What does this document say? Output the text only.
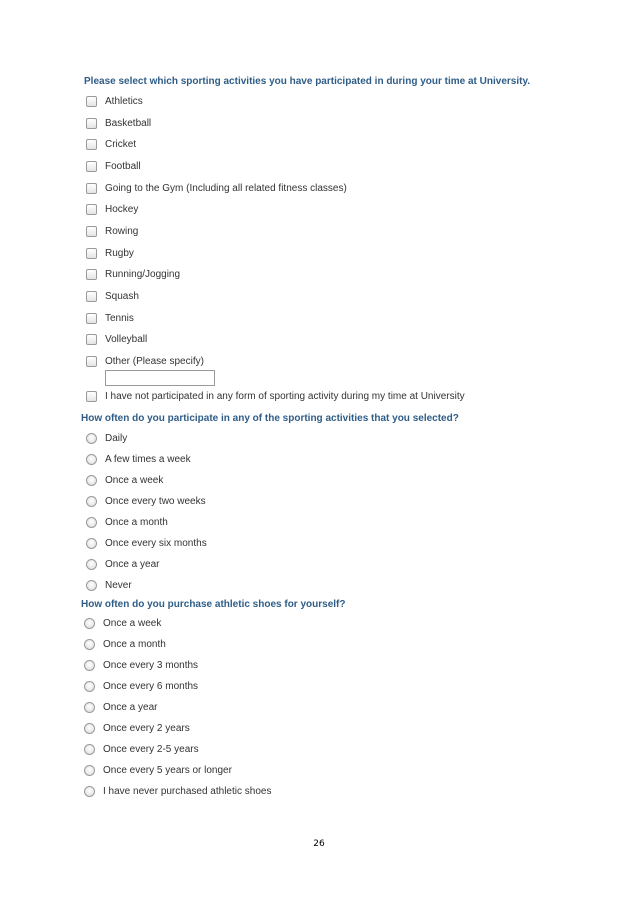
Please select which sporting activities you have participated in during your time at University.
Athletics
Basketball
Cricket
Football
Going to the Gym (Including all related fitness classes)
Hockey
Rowing
Rugby
Running/Jogging
Squash
Tennis
Volleyball
Other (Please specify)
I have not participated in any form of sporting activity during my time at University
How often do you participate in any of the sporting activities that you selected?
Daily
A few times a week
Once a week
Once every two weeks
Once a month
Once every six months
Once a year
Never
How often do you purchase athletic shoes for yourself?
Once a week
Once a month
Once every 3 months
Once every 6 months
Once a year
Once every 2 years
Once every 2-5 years
Once every 5 years or longer
I have never purchased athletic shoes
26
